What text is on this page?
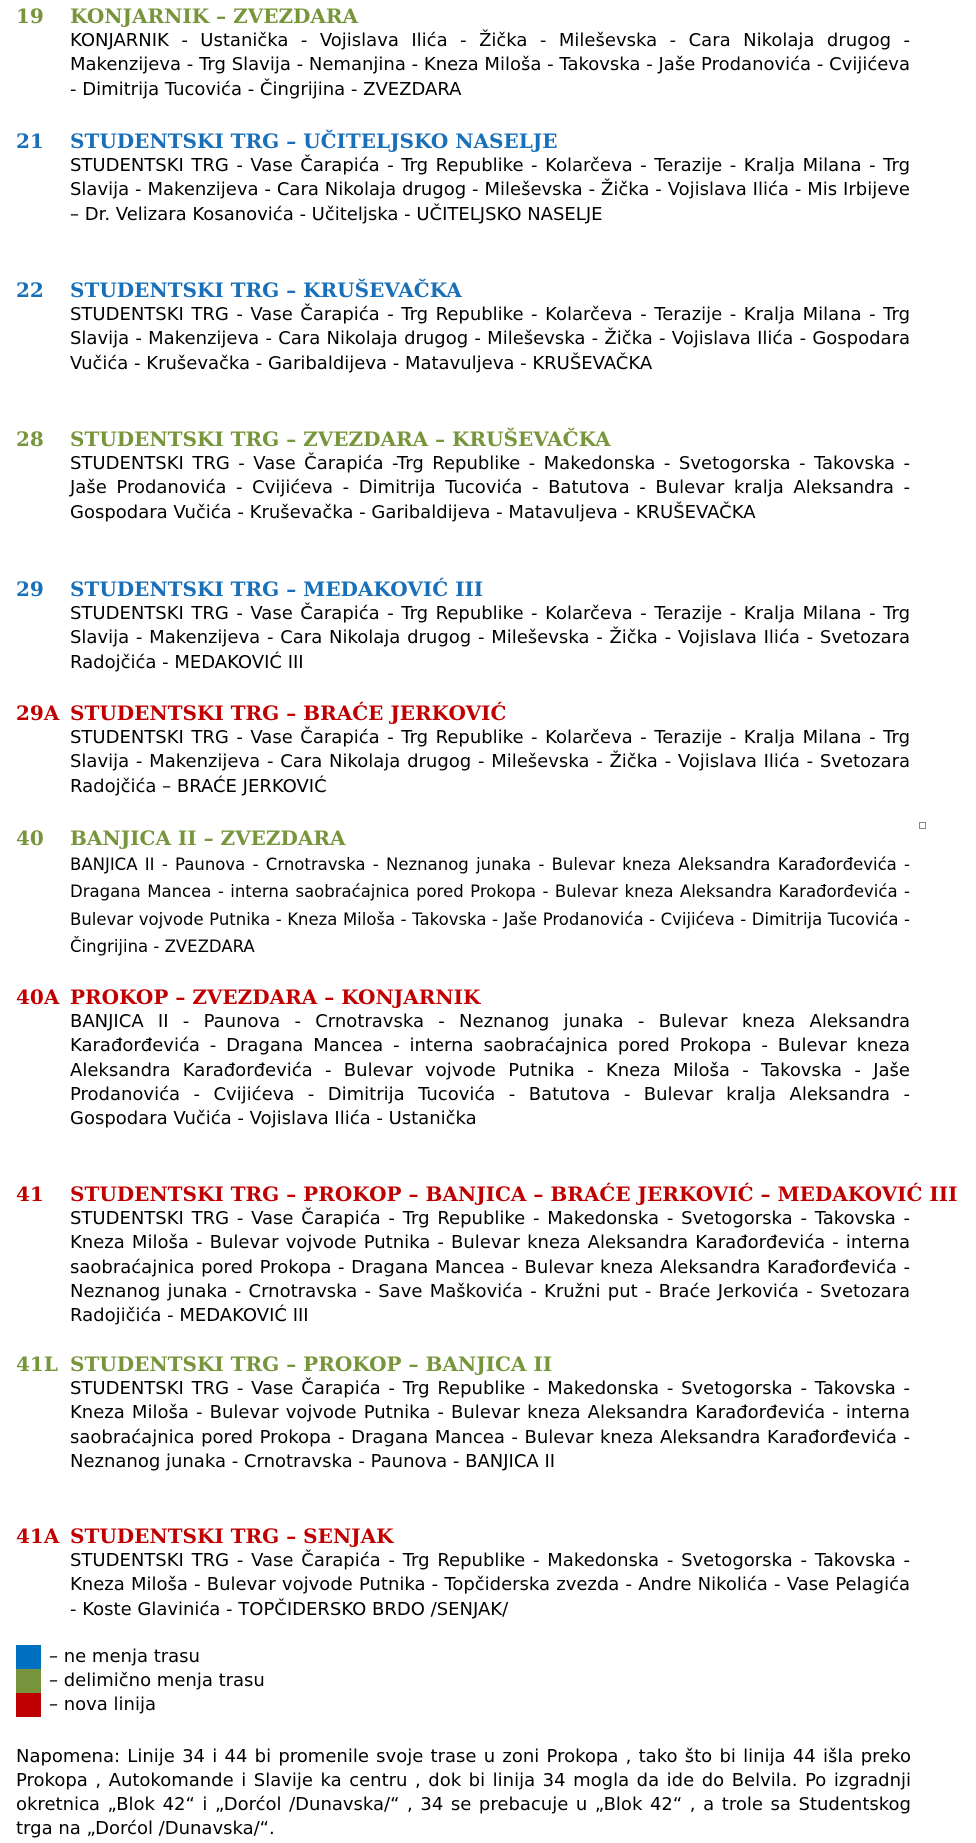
19 KONJARNIK – ZVEZDARA
KONJARNIK - Ustanička - Vojislava Ilića - Žička - Mileševska - Cara Nikolaja drugog - Makenzijeva - Trg Slavija - Nemanjina - Kneza Miloša - Takovska - Jaše Prodanovića - Cvijićeva - Dimitrija Tucovića - Čingrijina - ZVEZDARA
21 STUDENTSKI TRG – UČITELJSKO NASELJE
STUDENTSKI TRG - Vase Čarapića - Trg Republike - Kolarčeva - Terazije - Kralja Milana - Trg Slavija - Makenzijeva - Cara Nikolaja drugog - Mileševska - Žička - Vojislava Ilića - Mis Irbijeve – Dr. Velizara Kosanovića - Učiteljska - UČITELJSKO NASELJE
22 STUDENTSKI TRG – KRUŠEVAČKA
STUDENTSKI TRG - Vase Čarapića - Trg Republike - Kolarčeva - Terazije - Kralja Milana - Trg Slavija - Makenzijeva - Cara Nikolaja drugog - Mileševska - Žička - Vojislava Ilića - Gospodara Vučića - Kruševačka - Garibaldijeva - Matavuljeva - KRUŠEVAČKA
28 STUDENTSKI TRG – ZVEZDARA – KRUŠEVAČKA
STUDENTSKI TRG - Vase Čarapića -Trg Republike - Makedonska - Svetogorska - Takovska - Jaše Prodanovića - Cvijićeva - Dimitrija Tucovića - Batutova - Bulevar kralja Aleksandra - Gospodara Vučića - Kruševačka - Garibaldijeva - Matavuljeva - KRUŠEVAČKA
29 STUDENTSKI TRG – MEDAKOVIĆ III
STUDENTSKI TRG - Vase Čarapića - Trg Republike - Kolarčeva - Terazije - Kralja Milana - Trg Slavija - Makenzijeva - Cara Nikolaja drugog - Mileševska - Žička - Vojislava Ilića - Svetozara Radojčića - MEDAKOVIĆ III
29A STUDENTSKI TRG – BRAĆE JERKOVIĆ
STUDENTSKI TRG - Vase Čarapića - Trg Republike - Kolarčeva - Terazije - Kralja Milana - Trg Slavija - Makenzijeva - Cara Nikolaja drugog - Mileševska - Žička - Vojislava Ilića - Svetozara Radojčića – BRAĆE JERKOVIĆ
40 BANJICA II – ZVEZDARA
BANJICA II - Paunova - Crnotravska - Neznanog junaka - Bulevar kneza Aleksandra Karađorđevića - Dragana Mancea - interna saobraćajnica pored Prokopa - Bulevar kneza Aleksandra Karađorđevića - Bulevar vojvode Putnika - Kneza Miloša - Takovska - Jaše Prodanovića - Cvijićeva - Dimitrija Tucovića - Čingrijina - ZVEZDARA
40A PROKOP – ZVEZDARA – KONJARNIK
BANJICA II - Paunova - Crnotravska - Neznanog junaka - Bulevar kneza Aleksandra Karađorđevića - Dragana Mancea - interna saobraćajnica pored Prokopa - Bulevar kneza Aleksandra Karađorđevića - Bulevar vojvode Putnika - Kneza Miloša - Takovska - Jaše Prodanovića - Cvijićeva - Dimitrija Tucovića - Batutova - Bulevar kralja Aleksandra - Gospodara Vučića - Vojislava Ilića - Ustanička
41 STUDENTSKI TRG – PROKOP – BANJICA – BRAĆE JERKOVIĆ – MEDAKOVIĆ III
STUDENTSKI TRG - Vase Čarapića - Trg Republike - Makedonska - Svetogorska - Takovska - Kneza Miloša - Bulevar vojvode Putnika - Bulevar kneza Aleksandra Karađorđevića - interna saobraćajnica pored Prokopa - Dragana Mancea - Bulevar kneza Aleksandra Karađorđevića - Neznanog junaka - Crnotravska - Save Maškovića - Kružni put - Braće Jerkovića - Svetozara Radojičića - MEDAKOVIĆ III
41L STUDENTSKI TRG – PROKOP – BANJICA II
STUDENTSKI TRG - Vase Čarapića - Trg Republike - Makedonska - Svetogorska - Takovska - Kneza Miloša - Bulevar vojvode Putnika - Bulevar kneza Aleksandra Karađorđevića - interna saobraćajnica pored Prokopa - Dragana Mancea - Bulevar kneza Aleksandra Karađorđevića - Neznanog junaka - Crnotravska - Paunova - BANJICA II
41A STUDENTSKI TRG – SENJAK
STUDENTSKI TRG - Vase Čarapića - Trg Republike - Makedonska - Svetogorska - Takovska - Kneza Miloša - Bulevar vojvode Putnika - Topčiderska zvezda - Andre Nikolića - Vase Pelagića - Koste Glavinića - TOPČIDERSKO BRDO /SENJAK/
– ne menja trasu
– delimično menja trasu
– nova linija
Napomena: Linije 34 i 44 bi promenile svoje trase u zoni Prokopa , tako što bi linija 44 išla preko Prokopa , Autokomande i Slavije ka centru , dok bi linija 34 mogla da ide do Belvila. Po izgradnji okretnica „Blok 42“ i „Dorćol /Dunavska/“ , 34 se prebacuje u „Blok 42“ , a trole sa Studentskog trga na „Dorćol /Dunavska/“.
